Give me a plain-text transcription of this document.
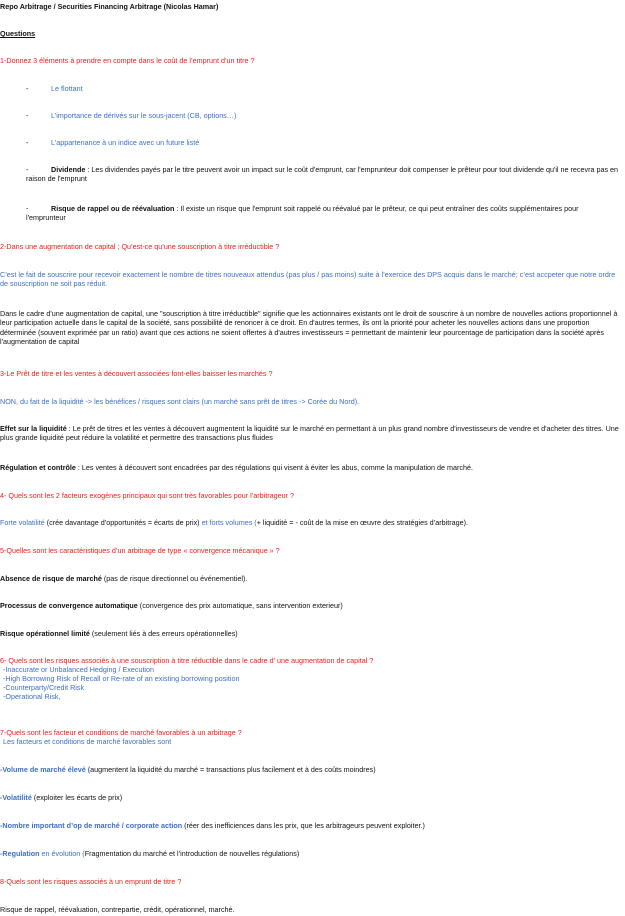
Repo Arbitrage / Securities Financing Arbitrage (Nicolas Hamar)
Questions
1-Donnez 3 éléments à prendre en compte dans le coût de l’emprunt d’un titre ?
-	Le flottant
-	L’importance de dérivés sur le sous-jacent (CB, options…)
-	L’appartenance à un indice avec un future listé
-	Dividende : Les dividendes payés par le titre peuvent avoir un impact sur le coût d'emprunt, car l'emprunteur doit compenser le prêteur pour tout dividende qu'il ne recevra pas en raison de l'emprunt
-	Risque de rappel ou de réévaluation : Il existe un risque que l'emprunt soit rappelé ou réévalué par le prêteur, ce qui peut entraîner des coûts supplémentaires pour l'emprunteur
2-Dans une augmentation de capital ; Qu’est-ce qu’une souscription à titre irréductible ?
C’est le fait de souscrire pour recevoir exactement le nombre de titres nouveaux attendus (pas plus / pas moins) suite à l’exercice des DPS acquis dans le marché; c’est accpeter que notre ordre de souscription ne soit pas réduit.
Dans le cadre d'une augmentation de capital, une "souscription à titre irréductible" signifie que les actionnaires existants ont le droit de souscrire à un nombre de nouvelles actions proportionnel à leur participation actuelle dans le capital de la société, sans possibilité de renoncer à ce droit. En d'autres termes, ils ont la priorité pour acheter les nouvelles actions dans une proportion déterminée (souvent exprimée par un ratio) avant que ces actions ne soient offertes à d'autres investisseurs = permettant de maintenir leur pourcentage de participation dans la société après l'augmentation de capital
3-Le Prêt de titre et les ventes à découvert associées font-elles baisser les marchés ?
NON, du fait de la liquidité -> les bénéfices / risques sont clairs (un marché sans prêt de titres -> Corée du Nord).
Effet sur la liquidité : Le prêt de titres et les ventes à découvert augmentent la liquidité sur le marché en permettant à un plus grand nombre d'investisseurs de vendre et d'acheter des titres. Une plus grande liquidité peut réduire la volatilité et permettre des transactions plus fluides
Régulation et contrôle : Les ventes à découvert sont encadrées par des régulations qui visent à éviter les abus, comme la manipulation de marché.
4- Quels sont les 2 facteurs exogènes principaux qui sont très favorables pour l’arbitrageur ?
Forte volatilité (crée davantage d’opportunités = écarts de prix) et forts volumes (+ liquidité = - coût de la mise en œuvre des stratégies d’arbitrage).
5-Quelles sont les caractéristiques d’un arbitrage de type « convergence mécanique » ?
Absence de risque de marché (pas de risque directionnel ou événementiel).
Processus de convergence automatique (convergence des prix automatique, sans intervention exterieur)
Risque opérationnel limité (seulement liés à des erreurs opérationnelles)
6- Quels sont les risques associés à une souscription à titre réductible dans le cadre d’ une augmentation de capital ?
-Inaccurate or Unbalanced Hedging / Execution
-High Borrowing Risk of Recall or Re-rate of an existing borrowing position
-Counterparty/Credit Risk
-Operational Risk,
7-Quels sont les facteur et conditions de marché favorables à un arbitrage ?
Les facteurs et conditions de marché favorables sont
-Volume de marché élevé (augmentent la liquidité du marché = transactions plus facilement et à des coûts moindres)
-Volatilité (exploiter les écarts de prix)
-Nombre important d’op de marché / corporate action (réer des inefficiences dans les prix, que les arbitrageurs peuvent exploiter.)
-Regulation en évolution (Fragmentation du marché et l’introduction de nouvelles régulations)
8-Quels sont les risques associés à un emprunt de titre ?
Risque de rappel, réévaluation, contrepartie, crédit, opérationnel, marché.
